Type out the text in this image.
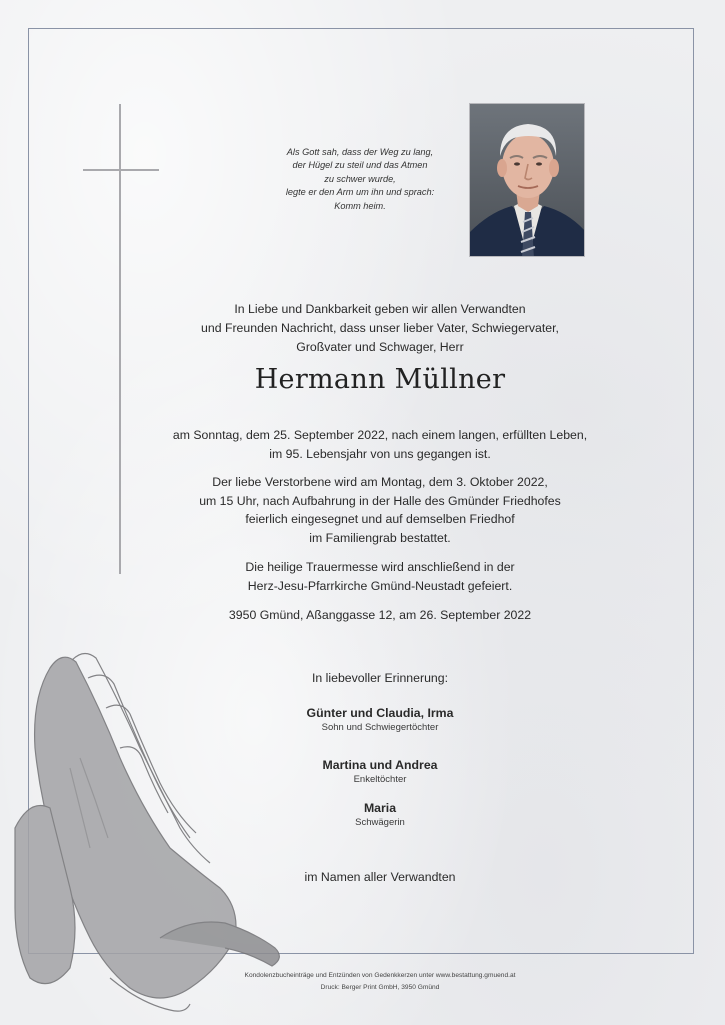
Als Gott sah, dass der Weg zu lang,
der Hügel zu steil und das Atmen
zu schwer wurde,
legte er den Arm um ihn und sprach:
Komm heim.
In Liebe und Dankbarkeit geben wir allen Verwandten
und Freunden Nachricht, dass unser lieber Vater, Schwiegervater,
Großvater und Schwager, Herr
Hermann Müllner
am Sonntag, dem 25. September 2022, nach einem langen, erfüllten Leben,
im 95. Lebensjahr von uns gegangen ist.
Der liebe Verstorbene wird am Montag, dem 3. Oktober 2022,
um 15 Uhr, nach Aufbahrung in der Halle des Gmünder Friedhofes
feierlich eingesegnet und auf demselben Friedhof
im Familiengrab bestattet.
Die heilige Trauermesse wird anschließend in der
Herz-Jesu-Pfarrkirche Gmünd-Neustadt gefeiert.
3950 Gmünd, Aßanggasse 12, am 26. September 2022
In liebevoller Erinnerung:
Günter und Claudia, Irma
Sohn und Schwiegertöchter
Martina und Andrea
Enkeltöchter
Maria
Schwägerin
im Namen aller Verwandten
Kondolenzbucheinträge und Entzünden von Gedenkkerzen unter www.bestattung.gmuend.at
Druck: Berger Print GmbH, 3950 Gmünd
